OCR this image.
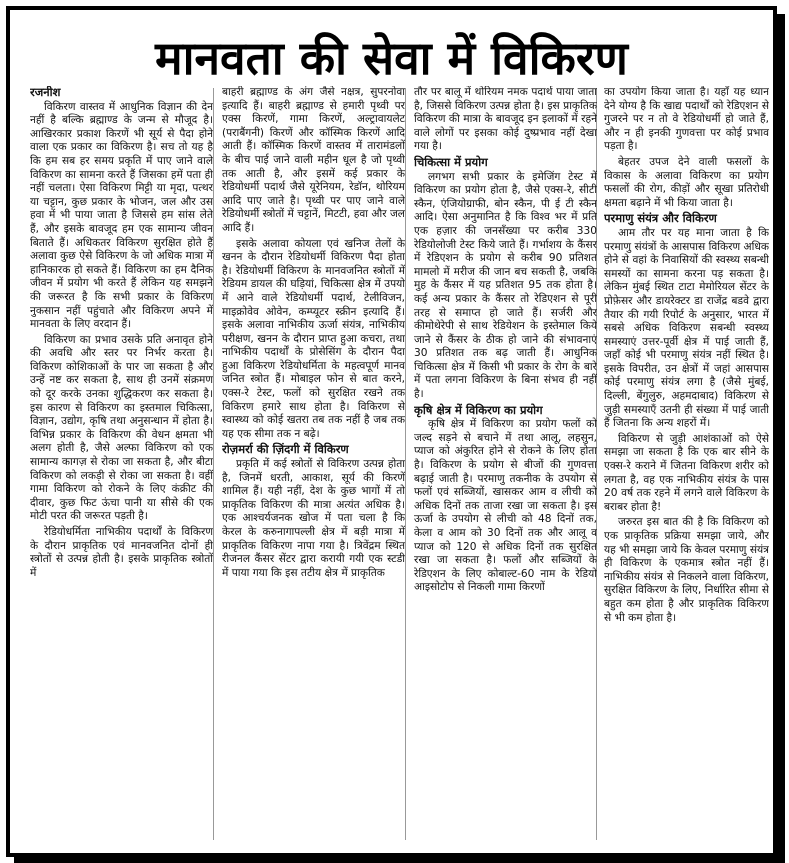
मानवता की सेवा में विकिरण
रजनीश

विकिरण वास्तव में आधुनिक विज्ञान की देन नहीं है बल्कि ब्रह्माण्ड के जन्म से मौजूद है। आखिरकार प्रकाश किरणें भी सूर्य से पैदा होने वाला एक प्रकार का विकिरण है। सच तो यह है कि हम सब हर समय प्रकृति में पाए जाने वाले विकिरण का सामना करते हैं जिसका हमें पता ही नहीं चलता। ऐसा विकिरण मिट्टी या मृदा, पत्थर या चट्टान, कुछ प्रकार के भोजन, जल और उस हवा में भी पाया जाता है जिससे हम सांस लेते हैं, और इसके बावजूद हम एक सामान्य जीवन बिताते हैं। अधिकतर विकिरण सुरक्षित होते हैं अलावा कुछ ऐसे विकिरण के जो अधिक मात्रा में हानिकारक हो सकते हैं। विकिरण का हम दैनिक जीवन में प्रयोग भी करते हैं लेकिन यह समझने की जरूरत है कि सभी प्रकार के विकिरण नुकसान नहीं पहुंचाते और विकिरण अपने में मानवता के लिए वरदान हैं।

विकिरण का प्रभाव उसके प्रति अनावृत होने की अवधि और स्तर पर निर्भर करता है। विकिरण कोशिकाओं के पार जा सकता है और उन्हें नष्ट कर सकता है, साथ ही उनमें संक्रमण को दूर करके उनका शुद्धिकरण कर सकता है। इस कारण से विकिरण का इस्तमाल चिकित्सा, विज्ञान, उद्योग, कृषि तथा अनुसन्धान में होता है। विभिन्न प्रकार के विकिरण की वेधन क्षमता भी अलग होती है, जैसे अल्फा विकिरण को एक सामान्य कागज़ से रोका जा सकता है, और बीटा विकिरण को लकड़ी से रोका जा सकता है। वहीं गामा विकिरण को रोकने के लिए कंक्रीट की दीवार, कुछ फिट ऊंचा पानी या सीसे की एक मोटी परत की जरूरत पड़ती है।

रेडियोधर्मिता नाभिकीय पदार्थों के विकिरण के दौरान प्राकृतिक एवं मानवजनित दोनों ही स्त्रोतों से उत्पन्न होती है। इसके प्राकृतिक स्त्रोतों में

बाहरी ब्रह्माण्ड के अंग जैसे नक्षत्र, सुपरनोवा इत्यादि हैं। बाहरी ब्रह्माण्ड से हमारी पृथ्वी पर एक्स किरणें, गामा किरणें, अल्ट्रावायलेट (पराबैंगनी) किरणें और कॉस्मिक किरणें आदि आती हैं। कॉस्मिक किरणें वास्तव में तारामंडलों के बीच पाई जाने वाली महीन धूल है जो पृथ्वी तक आती है, और इसमें कई प्रकार के रेडियोधर्मी पदार्थ जैसे यूरेनियम, रेडॉन, थोरियम आदि पाए जाते है। पृथ्वी पर पाए जाने वाले रेडियोधर्मी स्त्रोतों में चट्टानें, मिटटी, हवा और जल आदि हैं।

इसके अलावा कोयला एवं खनिज तेलों के खनन के दौरान रेडियोधर्मी विकिरण पैदा होता है। रेडियोधर्मी विकिरण के मानवजनित स्त्रोतों में रेडियम डायल की घड़ियां, चिकित्सा क्षेत्र में उपयो में आने वाले रेडियोधर्मी पदार्थ, टेलीविजन, माइक्रोवेव ओवेन, कम्प्यूटर स्क्रीन इत्यादि हैं। इसके अलावा नाभिकीय ऊर्जा संयंत्र, नाभिकीय परीक्षण, खनन के दौरान प्राप्त हुआ कचरा, तथा नाभिकीय पदार्थों के प्रोसेसिंग के दौरान पैदा हुआ विकिरण रेडियोधर्मिता के महत्वपूर्ण मानव जनित स्त्रोत हैं। मोबाइल फोन से बात करने, एक्स-रे टेस्ट, फलों को सुरक्षित रखने तक विकिरण हमारे साथ होता है। विकिरण से स्वास्थ्य को कोई खतरा तब तक नहीं है जब तक यह एक सीमा तक न बढ़े।

रोज़मर्रा की ज़िंदगी में विकिरण

प्रकृति में कई स्त्रोतों से विकिरण उत्पन्न होता है, जिनमें धरती, आकाश, सूर्य की किरणें शामिल हैं। यही नहीं, देश के कुछ भागों में तो प्राकृतिक विकिरण की मात्रा अत्यंत अधिक है। एक आश्चर्यजनक खोज में पता चला है कि केरल के करुनागापल्ली क्षेत्र में बड़ी मात्रा में प्राकृतिक विकिरण नापा गया है। त्रिवेंद्रम स्थित रीजनल कैंसर सेंटर द्वारा करायी गयी एक स्टडी में पाया गया कि इस तटीय क्षेत्र में प्राकृतिक

तौर पर बालू में थोरियम नमक पदार्थ पाया जाता है, जिससे विकिरण उत्पन्न होता है। इस प्राकृतिक विकिरण की मात्रा के बावजूद इन इलाकों में रहने वाले लोगों पर इसका कोई दुष्प्रभाव नहीं देखा गया है।

चिकित्सा में प्रयोग

लगभग सभी प्रकार के इमेजिंग टेस्ट में विकिरण का प्रयोग होता है, जैसे एक्स-रे, सीटी स्कैन, एंजियोग्राफी, बोन स्कैन, पी ई टी स्कैन आदि। ऐसा अनुमानित है कि विश्व भर में प्रति एक हज़ार की जनसँख्या पर करीब 330 रेडियोलोजी टेस्ट किये जाते हैं। गर्भाशय के कैंसर में रेडिएशन के प्रयोग से करीब 90 प्रतिशत मामलो में मरीज की जान बच सकती है, जबकि मुह के कैंसर में यह प्रतिशत 95 तक होता है। कई अन्य प्रकार के कैंसर तो रेडिएशन से पूरी तरह से समाप्त हो जाते हैं। सर्जरी और कीमोथेरेपी से साथ रेडियेशन के इस्तेमाल किये जाने से कैंसर के ठीक हो जाने की संभावनाएं 30 प्रतिशत तक बढ़ जाती हैं। आधुनिक चिकित्सा क्षेत्र में किसी भी प्रकार के रोग के बारे में पता लगना विकिरण के बिना संभव ही नहीं है।

कृषि क्षेत्र में विकिरण का प्रयोग

कृषि क्षेत्र में विकिरण का प्रयोग फलों को जल्द सड़ने से बचाने में तथा आलू, लहसुन, प्याज को अंकुरित होने से रोकने के लिए होता है। विकिरण के प्रयोग से बीजों की गुणवत्ता बढ़ाई जाती है। परमाणु तकनीक के उपयोग से फलों एवं सब्जियों, खासकर आम व लीची को अधिक दिनों तक ताजा रखा जा सकता है। इस ऊर्जा के उपयोग से लीची को 48 दिनों तक, केला व आम को 30 दिनों तक और आलू व प्याज को 120 से अधिक दिनों तक सुरक्षित रखा जा सकता है। फलों और सब्जियों के रेडिएशन के लिए कोबाल्ट-60 नाम के रेडियो आइसोटोप से निकली गामा किरणों

का उपयोग किया जाता है। यहाँ यह ध्यान देने योग्य है कि खाद्य पदार्थों को रेडिएशन से गुजरने पर न तो वे रेडियोधर्मी हो जाते हैं, और न ही इनकी गुणवत्ता पर कोई प्रभाव पड़ता है।

बेहतर उपज देने वाली फसलों के विकास के अलावा विकिरण का प्रयोग फसलों की रोग, कीड़ों और सूखा प्रतिरोधी क्षमता बढ़ाने में भी किया जाता है।

परमाणु संयंत्र और विकिरण

आम तौर पर यह माना जाता है कि परमाणु संयंत्रों के आसपास विकिरण अधिक होने से वहां के निवासियों की स्वस्थ्य सबन्धी समस्यों का सामना करना पड़ सकता है। लेकिन मुंबई स्थित टाटा मेमोरियल सेंटर के प्रोफ़ेसर और डायरेक्टर डा राजेंद्र बडवे द्वारा तैयार की गयी रिपोर्ट के अनुसार, भारत में सबसे अधिक विकिरण सबन्धी स्वस्थ्य समस्याएं उत्तर-पूर्वी क्षेत्र में पाई जाती हैं, जहाँ कोई भी परमाणु संयंत्र नहीं स्थित है। इसके विपरीत, उन क्षेत्रों में जहां आसपास कोई परमाणु संयंत्र लगा है (जैसे मुंबई, दिल्ली, बेंगुलुरु, अहमदाबाद) विकिरण से जुड़ी समस्याएँ उतनी ही संख्या में पाई जाती हैं जितना कि अन्य शहरों में।

विकिरण से जुड़ी आशंकाओं को ऐसे समझा जा सकता है कि एक बार सीने के एक्स-रे कराने में जितना विकिरण शरीर को लगता है, वह एक नाभिकीय संयंत्र के पास 20 वर्ष तक रहने में लगने वाले विकिरण के बराबर होता है!

जरुरत इस बात की है कि विकिरण को एक प्राकृतिक प्रक्रिया समझा जाये, और यह भी समझा जाये कि केवल परमाणु संयंत्र ही विकिरण के एकमात्र स्त्रोत नहीं हैं। नाभिकीय संयंत्र से निकलने वाला विकिरण, सुरक्षित विकिरण के लिए, निर्धारित सीमा से बहुत कम होता है और प्राकृतिक विकिरण से भी कम होता है।
